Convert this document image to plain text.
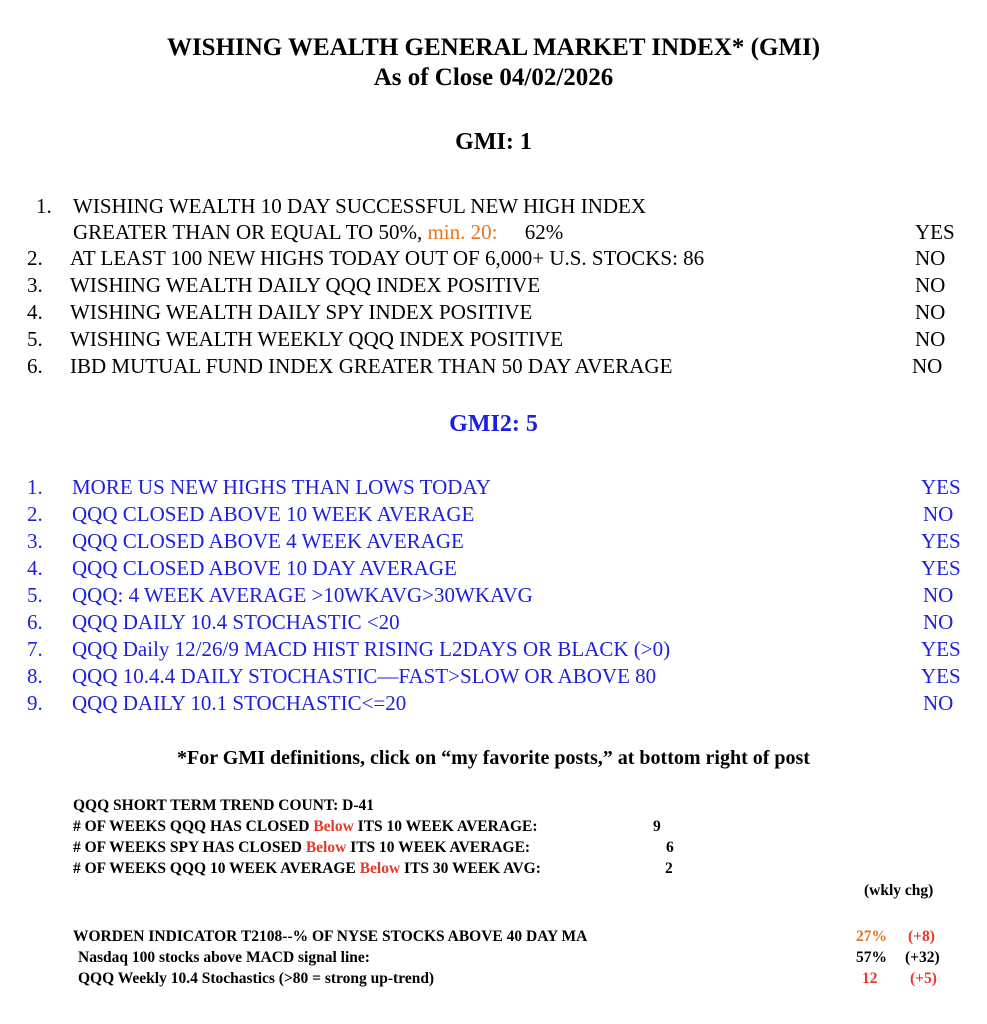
WISHING WEALTH GENERAL MARKET INDEX* (GMI)
As of Close 04/02/2026
GMI: 1
1. WISHING WEALTH 10 DAY SUCCESSFUL NEW HIGH INDEX
GREATER THAN OR EQUAL TO 50%, min. 20: 62%	YES
2. AT LEAST 100 NEW HIGHS TODAY OUT OF 6,000+ U.S. STOCKS: 86	NO
3. WISHING WEALTH DAILY QQQ INDEX POSITIVE	NO
4. WISHING WEALTH DAILY SPY INDEX POSITIVE	NO
5. WISHING WEALTH WEEKLY QQQ INDEX POSITIVE	NO
6. IBD MUTUAL FUND INDEX GREATER THAN 50 DAY AVERAGE	NO
GMI2: 5
1. MORE US NEW HIGHS THAN LOWS TODAY	YES
2. QQQ CLOSED ABOVE 10 WEEK AVERAGE	NO
3. QQQ CLOSED ABOVE 4 WEEK AVERAGE	YES
4. QQQ CLOSED ABOVE 10 DAY AVERAGE	YES
5. QQQ: 4 WEEK AVERAGE >10WKAVG>30WKAVG	NO
6. QQQ DAILY 10.4 STOCHASTIC <20	NO
7. QQQ Daily 12/26/9 MACD HIST RISING L2DAYS OR BLACK (>0)	YES
8. QQQ 10.4.4 DAILY STOCHASTIC—FAST>SLOW OR ABOVE 80	YES
9. QQQ DAILY 10.1 STOCHASTIC<=20	NO
*For GMI definitions, click on “my favorite posts,” at bottom right of post
QQQ SHORT TERM TREND COUNT: D-41
# OF WEEKS QQQ HAS CLOSED Below ITS 10 WEEK AVERAGE:	9
# OF WEEKS SPY HAS CLOSED Below ITS 10 WEEK AVERAGE:	6
# OF WEEKS QQQ 10 WEEK AVERAGE Below ITS 30 WEEK AVG:	2
(wkly chg)
WORDEN INDICATOR T2108--% OF NYSE STOCKS ABOVE 40 DAY MA	27% (+8)
Nasdaq 100 stocks above MACD signal line:	57% (+32)
QQQ Weekly 10.4 Stochastics (>80 = strong up-trend)	12 (+5)
